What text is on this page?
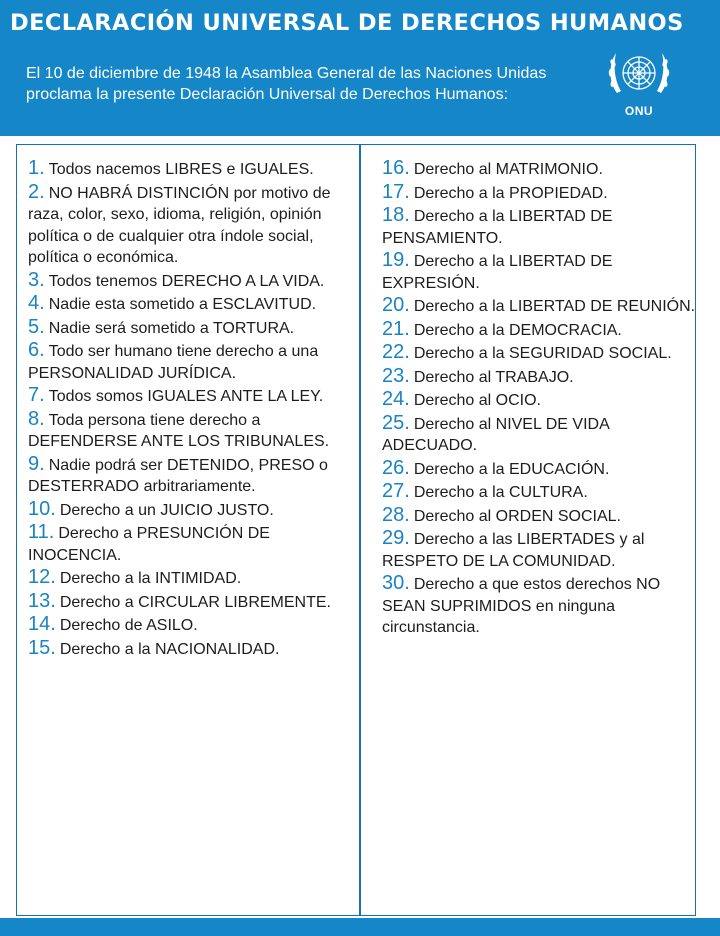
DECLARACIÓN UNIVERSAL DE DERECHOS HUMANOS
El 10 de diciembre de 1948 la Asamblea General de las Naciones Unidas proclama la presente Declaración Universal de Derechos Humanos:
ONU
1. Todos nacemos LIBRES e IGUALES.
2. NO HABRÁ DISTINCIÓN por motivo de raza, color, sexo, idioma, religión, opinión política o de cualquier otra índole social, política o económica.
3. Todos tenemos DERECHO A LA VIDA.
4. Nadie esta sometido a ESCLAVITUD.
5. Nadie será sometido a TORTURA.
6. Todo ser humano tiene derecho a una PERSONALIDAD JURÍDICA.
7. Todos somos IGUALES ANTE LA LEY.
8. Toda persona tiene derecho a DEFENDERSE ANTE LOS TRIBUNALES.
9. Nadie podrá ser DETENIDO, PRESO o DESTERRADO arbitrariamente.
10. Derecho a un JUICIO JUSTO.
11. Derecho a PRESUNCIÓN DE INOCENCIA.
12. Derecho a la INTIMIDAD.
13. Derecho a CIRCULAR LIBREMENTE.
14. Derecho de ASILO.
15. Derecho a la NACIONALIDAD.
16. Derecho al MATRIMONIO.
17. Derecho a la PROPIEDAD.
18. Derecho a la LIBERTAD DE PENSAMIENTO.
19. Derecho a la LIBERTAD DE EXPRESIÓN.
20. Derecho a la LIBERTAD DE REUNIÓN.
21. Derecho a la DEMOCRACIA.
22. Derecho a la SEGURIDAD SOCIAL.
23. Derecho al TRABAJO.
24. Derecho al OCIO.
25. Derecho al NIVEL DE VIDA ADECUADO.
26. Derecho a la EDUCACIÓN.
27. Derecho a la CULTURA.
28. Derecho al ORDEN SOCIAL.
29. Derecho a las LIBERTADES y al RESPETO DE LA COMUNIDAD.
30. Derecho a que estos derechos NO SEAN SUPRIMIDOS en ninguna circunstancia.
